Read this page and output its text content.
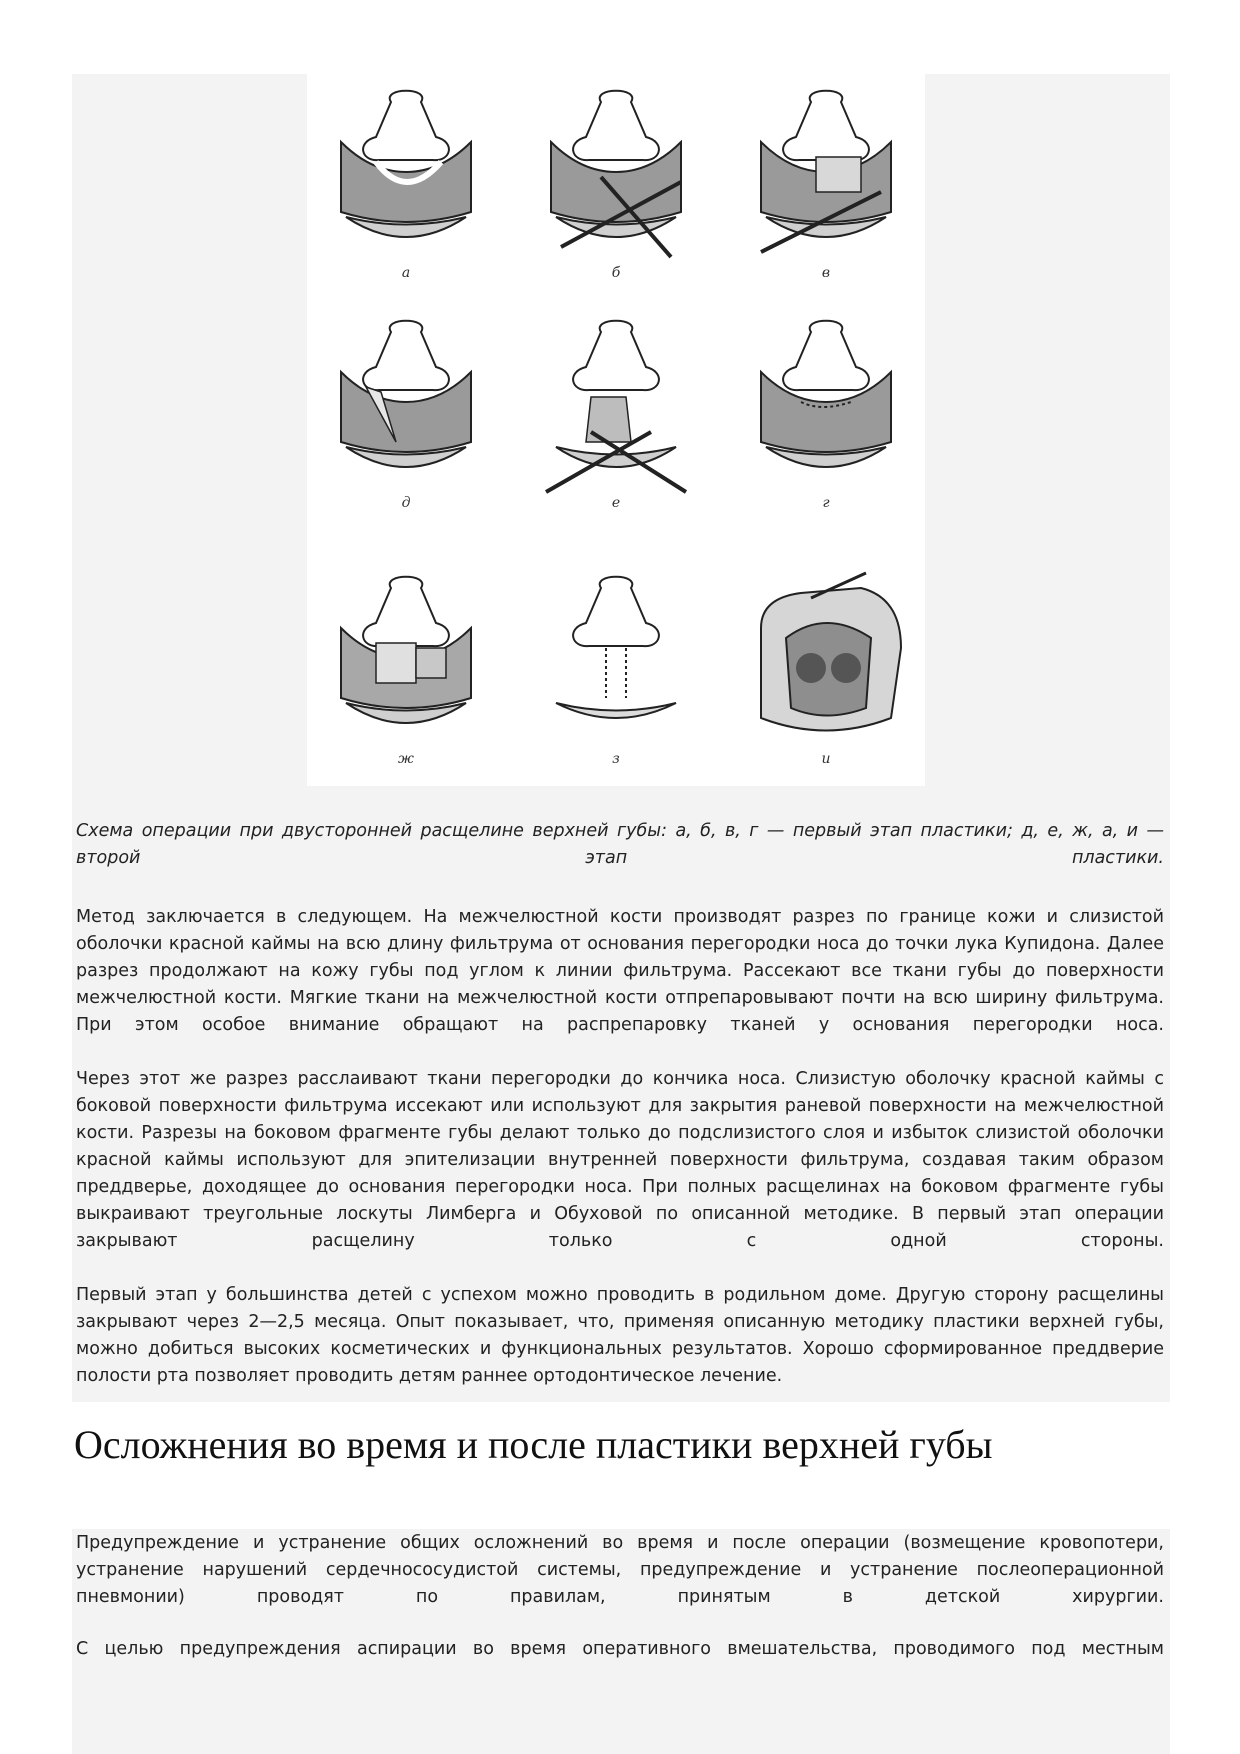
а	б	в
д	е	г
ж	з	и
Схема операции при двусторонней расщелине верхней губы: а, б, в, г — первый этап пластики; д, е, ж, а, и — второй этап пластики.

Метод заключается в следующем. На межчелюстной кости производят разрез по границе кожи и слизистой оболочки красной каймы на всю длину фильтрума от основания перегородки носа до точки лука Купидона. Далее разрез продолжают на кожу губы под углом к линии фильтрума. Рассекают все ткани губы до поверхности межчелюстной кости. Мягкие ткани на межчелюстной кости отпрепаровывают почти на всю ширину фильтрума. При этом особое внимание обращают на распрепаровку тканей у основания перегородки носа.

Через этот же разрез расслаивают ткани перегородки до кончика носа. Слизистую оболочку красной каймы с боковой поверхности фильтрума иссекают или используют для закрытия раневой поверхности на межчелюстной кости. Разрезы на боковом фрагменте губы делают только до подслизистого слоя и избыток слизистой оболочки красной каймы используют для эпителизации внутренней поверхности фильтрума, создавая таким образом преддверье, доходящее до основания перегородки носа. При полных расщелинах на боковом фрагменте губы выкраивают треугольные лоскуты Лимберга и Обуховой по описанной методике. В первый этап операции закрывают расщелину только с одной стороны.

Первый этап у большинства детей с успехом можно проводить в родильном доме. Другую сторону расщелины закрывают через 2—2,5 месяца. Опыт показывает, что, применяя описанную методику пластики верхней губы, можно добиться высоких косметических и функциональных результатов. Хорошо сформированное преддверие полости рта позволяет проводить детям раннее ортодонтическое лечение.

Осложнения во время и после пластики верхней губы

Предупреждение и устранение общих осложнений во время и после операции (возмещение кровопотери, устранение нарушений сердечнососудистой системы, предупреждение и устранение послеоперационной пневмонии) проводят по правилам, принятым в детской хирургии.

С целью предупреждения аспирации во время оперативного вмешательства, проводимого под местным
